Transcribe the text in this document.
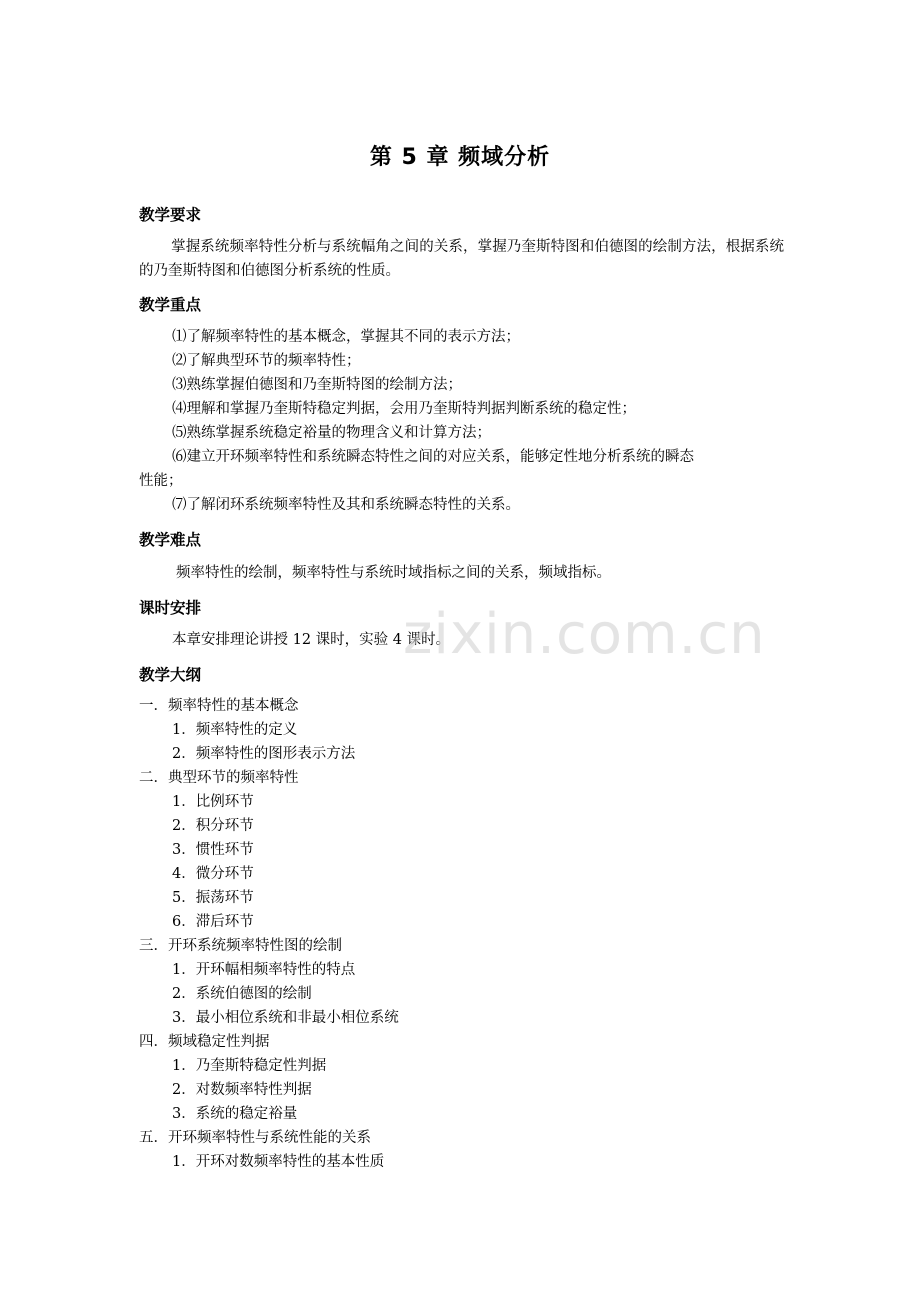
第 5 章 频域分析
教学要求
掌握系统频率特性分析与系统幅角之间的关系，掌握乃奎斯特图和伯德图的绘制方法，根据系统的乃奎斯特图和伯德图分析系统的性质。
教学重点
⑴了解频率特性的基本概念，掌握其不同的表示方法；
⑵了解典型环节的频率特性；
⑶熟练掌握伯德图和乃奎斯特图的绘制方法；
⑷理解和掌握乃奎斯特稳定判据，会用乃奎斯特判据判断系统的稳定性；
⑸熟练掌握系统稳定裕量的物理含义和计算方法；
⑹建立开环频率特性和系统瞬态特性之间的对应关系，能够定性地分析系统的瞬态
性能；
⑺了解闭环系统频率特性及其和系统瞬态特性的关系。
教学难点
频率特性的绘制，频率特性与系统时域指标之间的关系，频域指标。
课时安排
本章安排理论讲授 12 课时，实验 4 课时。
教学大纲
一．频率特性的基本概念
1．频率特性的定义
2．频率特性的图形表示方法
二．典型环节的频率特性
1．比例环节
2．积分环节
3．惯性环节
4．微分环节
5．振荡环节
6．滞后环节
三．开环系统频率特性图的绘制
1．开环幅相频率特性的特点
2．系统伯德图的绘制
3．最小相位系统和非最小相位系统
四．频域稳定性判据
1．乃奎斯特稳定性判据
2．对数频率特性判据
3．系统的稳定裕量
五．开环频率特性与系统性能的关系
1．开环对数频率特性的基本性质
zixin.com.cn
